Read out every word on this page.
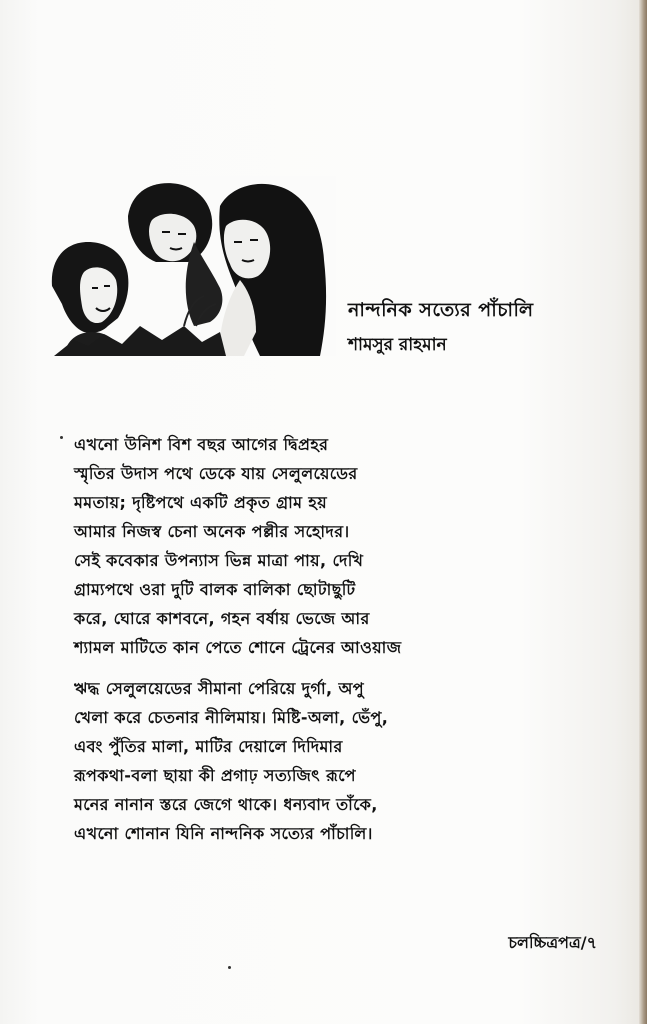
নান্দনিক সত্যের পাঁচালি
শামসুর রাহমান
এখনো উনিশ বিশ বছর আগের দ্বিপ্রহর
স্মৃতির উদাস পথে ডেকে যায় সেলুলয়েডের
মমতায়; দৃষ্টিপথে একটি প্রকৃত গ্রাম হয়
আমার নিজস্ব চেনা অনেক পল্লীর সহোদর।
সেই কবেকার উপন্যাস ভিন্ন মাত্রা পায়, দেখি
গ্রাম্যপথে ওরা দুটি বালক বালিকা ছোটাছুটি
করে, ঘোরে কাশবনে, গহন বর্ষায় ভেজে আর
শ্যামল মাটিতে কান পেতে শোনে ট্রেনের আওয়াজ
ঋদ্ধ সেলুলয়েডের সীমানা পেরিয়ে দুর্গা, অপু
খেলা করে চেতনার নীলিমায়। মিষ্টি-অলা, ভেঁপু,
এবং পুঁতির মালা, মাটির দেয়ালে দিদিমার
রূপকথা-বলা ছায়া কী প্রগাঢ় সত্যজিৎ রূপে
মনের নানান স্তরে জেগে থাকে। ধন্যবাদ তাঁকে,
এখনো শোনান যিনি নান্দনিক সত্যের পাঁচালি।
চলচ্চিত্রপত্র/৭
